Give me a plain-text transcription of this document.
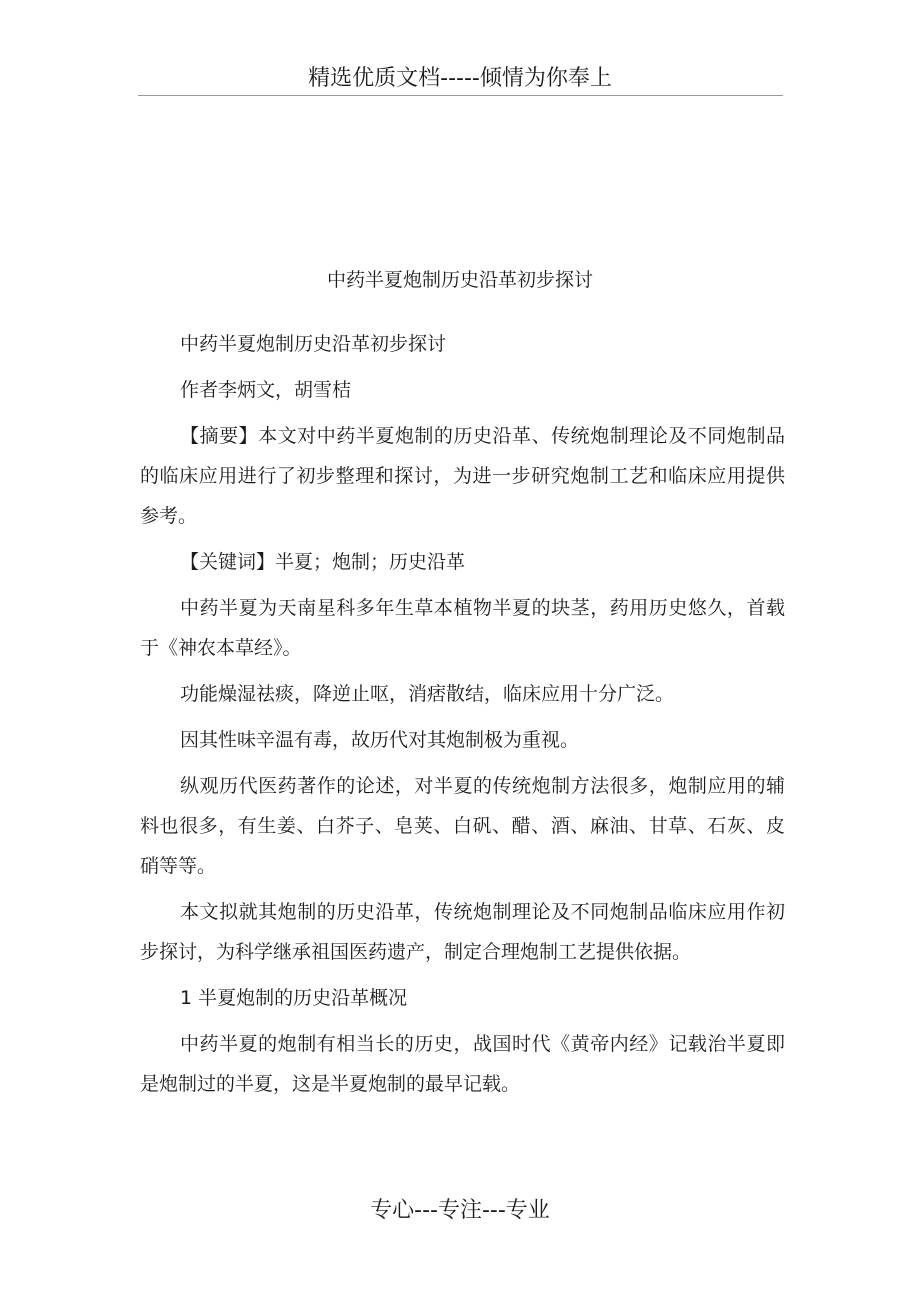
精选优质文档-----倾情为你奉上
中药半夏炮制历史沿革初步探讨

中药半夏炮制历史沿革初步探讨

作者李炳文，胡雪桔

【摘要】本文对中药半夏炮制的历史沿革、传统炮制理论及不同炮制品的临床应用进行了初步整理和探讨，为进一步研究炮制工艺和临床应用提供参考。

【关键词】半夏；炮制；历史沿革

中药半夏为天南星科多年生草本植物半夏的块茎，药用历史悠久，首载于《神农本草经》。

功能燥湿祛痰，降逆止呕，消痞散结，临床应用十分广泛。

因其性味辛温有毒，故历代对其炮制极为重视。

纵观历代医药著作的论述，对半夏的传统炮制方法很多，炮制应用的辅料也很多，有生姜、白芥子、皂荚、白矾、醋、酒、麻油、甘草、石灰、皮硝等等。

本文拟就其炮制的历史沿革，传统炮制理论及不同炮制品临床应用作初步探讨，为科学继承祖国医药遗产，制定合理炮制工艺提供依据。

1 半夏炮制的历史沿革概况

中药半夏的炮制有相当长的历史，战国时代《黄帝内经》记载治半夏即是炮制过的半夏，这是半夏炮制的最早记载。

专心---专注---专业
